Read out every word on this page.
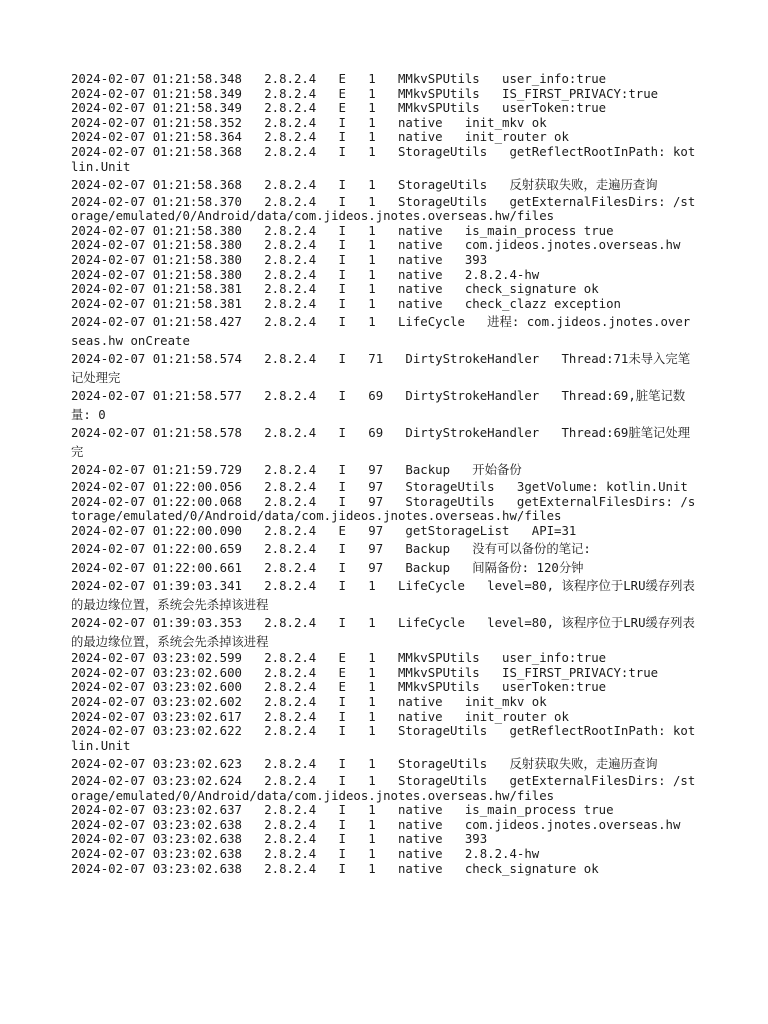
2024-02-07 01:21:58.348   2.8.2.4   E   1   MMkvSPUtils   user_info:true
2024-02-07 01:21:58.349   2.8.2.4   E   1   MMkvSPUtils   IS_FIRST_PRIVACY:true
2024-02-07 01:21:58.349   2.8.2.4   E   1   MMkvSPUtils   userToken:true
2024-02-07 01:21:58.352   2.8.2.4   I   1   native   init_mkv ok
2024-02-07 01:21:58.364   2.8.2.4   I   1   native   init_router ok
2024-02-07 01:21:58.368   2.8.2.4   I   1   StorageUtils   getReflectRootInPath: kotlin.Unit
2024-02-07 01:21:58.368   2.8.2.4   I   1   StorageUtils   反射获取失败，走遍历查询
2024-02-07 01:21:58.370   2.8.2.4   I   1   StorageUtils   getExternalFilesDirs: /storage/emulated/0/Android/data/com.jideos.jnotes.overseas.hw/files
2024-02-07 01:21:58.380   2.8.2.4   I   1   native   is_main_process true
2024-02-07 01:21:58.380   2.8.2.4   I   1   native   com.jideos.jnotes.overseas.hw
2024-02-07 01:21:58.380   2.8.2.4   I   1   native   393
2024-02-07 01:21:58.380   2.8.2.4   I   1   native   2.8.2.4-hw
2024-02-07 01:21:58.381   2.8.2.4   I   1   native   check_signature ok
2024-02-07 01:21:58.381   2.8.2.4   I   1   native   check_clazz exception
2024-02-07 01:21:58.427   2.8.2.4   I   1   LifeCycle   进程: com.jideos.jnotes.overseas.hw onCreate
2024-02-07 01:21:58.574   2.8.2.4   I   71   DirtyStrokeHandler   Thread:71未导入完笔记处理完
2024-02-07 01:21:58.577   2.8.2.4   I   69   DirtyStrokeHandler   Thread:69,脏笔记数量: 0
2024-02-07 01:21:58.578   2.8.2.4   I   69   DirtyStrokeHandler   Thread:69脏笔记处理完
2024-02-07 01:21:59.729   2.8.2.4   I   97   Backup   开始备份
2024-02-07 01:22:00.056   2.8.2.4   I   97   StorageUtils   3getVolume: kotlin.Unit
2024-02-07 01:22:00.068   2.8.2.4   I   97   StorageUtils   getExternalFilesDirs: /storage/emulated/0/Android/data/com.jideos.jnotes.overseas.hw/files
2024-02-07 01:22:00.090   2.8.2.4   E   97   getStorageList   API=31
2024-02-07 01:22:00.659   2.8.2.4   I   97   Backup   没有可以备份的笔记:
2024-02-07 01:22:00.661   2.8.2.4   I   97   Backup   间隔备份: 120分钟
2024-02-07 01:39:03.341   2.8.2.4   I   1   LifeCycle   level=80, 该程序位于LRU缓存列表的最边缘位置，系统会先杀掉该进程
2024-02-07 01:39:03.353   2.8.2.4   I   1   LifeCycle   level=80, 该程序位于LRU缓存列表的最边缘位置，系统会先杀掉该进程
2024-02-07 03:23:02.599   2.8.2.4   E   1   MMkvSPUtils   user_info:true
2024-02-07 03:23:02.600   2.8.2.4   E   1   MMkvSPUtils   IS_FIRST_PRIVACY:true
2024-02-07 03:23:02.600   2.8.2.4   E   1   MMkvSPUtils   userToken:true
2024-02-07 03:23:02.602   2.8.2.4   I   1   native   init_mkv ok
2024-02-07 03:23:02.617   2.8.2.4   I   1   native   init_router ok
2024-02-07 03:23:02.622   2.8.2.4   I   1   StorageUtils   getReflectRootInPath: kotlin.Unit
2024-02-07 03:23:02.623   2.8.2.4   I   1   StorageUtils   反射获取失败，走遍历查询
2024-02-07 03:23:02.624   2.8.2.4   I   1   StorageUtils   getExternalFilesDirs: /storage/emulated/0/Android/data/com.jideos.jnotes.overseas.hw/files
2024-02-07 03:23:02.637   2.8.2.4   I   1   native   is_main_process true
2024-02-07 03:23:02.638   2.8.2.4   I   1   native   com.jideos.jnotes.overseas.hw
2024-02-07 03:23:02.638   2.8.2.4   I   1   native   393
2024-02-07 03:23:02.638   2.8.2.4   I   1   native   2.8.2.4-hw
2024-02-07 03:23:02.638   2.8.2.4   I   1   native   check_signature ok
